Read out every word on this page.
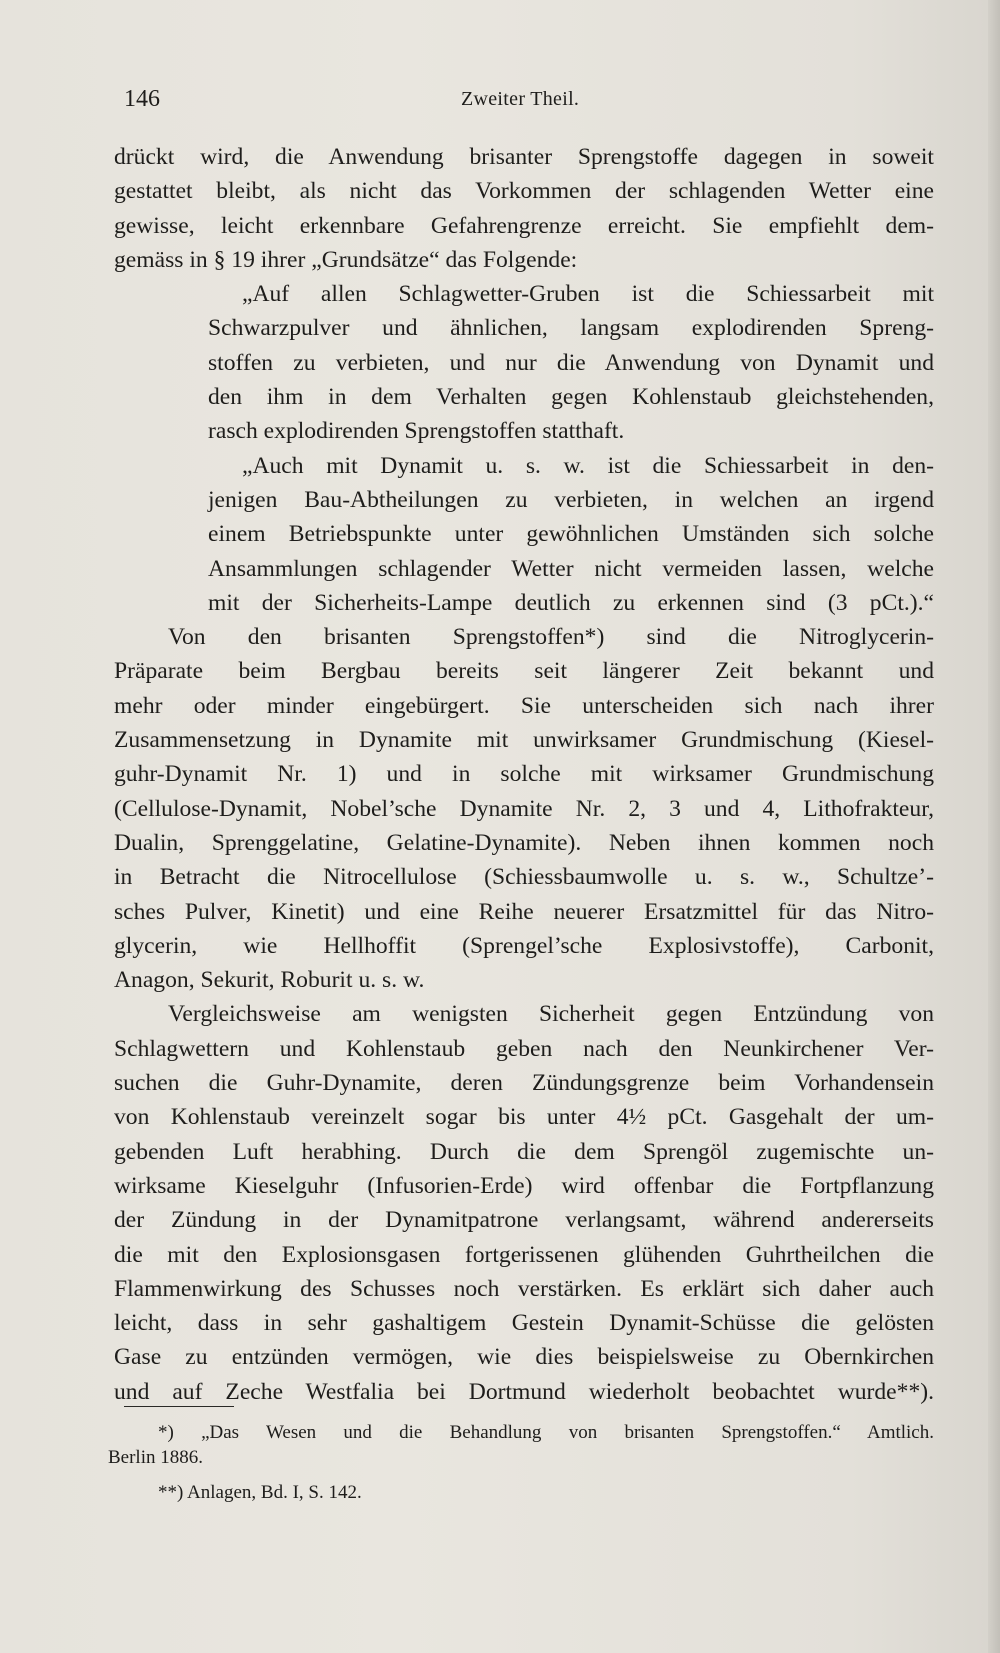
146	Zweiter Theil.
drückt wird, die Anwendung brisanter Sprengstoffe dagegen in soweit
gestattet bleibt, als nicht das Vorkommen der schlagenden Wetter eine
gewisse, leicht erkennbare Gefahrengrenze erreicht. Sie empfiehlt dem-
gemäss in § 19 ihrer „Grundsätze“ das Folgende:
„Auf allen Schlagwetter-Gruben ist die Schiessarbeit mit
Schwarzpulver und ähnlichen, langsam explodirenden Spreng-
stoffen zu verbieten, und nur die Anwendung von Dynamit und
den ihm in dem Verhalten gegen Kohlenstaub gleichstehenden,
rasch explodirenden Sprengstoffen statthaft.
„Auch mit Dynamit u. s. w. ist die Schiessarbeit in den-
jenigen Bau-Abtheilungen zu verbieten, in welchen an irgend
einem Betriebspunkte unter gewöhnlichen Umständen sich solche
Ansammlungen schlagender Wetter nicht vermeiden lassen, welche
mit der Sicherheits-Lampe deutlich zu erkennen sind (3 pCt.).“
Von den brisanten Sprengstoffen*) sind die Nitroglycerin-
Präparate beim Bergbau bereits seit längerer Zeit bekannt und
mehr oder minder eingebürgert. Sie unterscheiden sich nach ihrer
Zusammensetzung in Dynamite mit unwirksamer Grundmischung (Kiesel-
guhr-Dynamit Nr. 1) und in solche mit wirksamer Grundmischung
(Cellulose-Dynamit, Nobel’sche Dynamite Nr. 2, 3 und 4, Lithofrakteur,
Dualin, Sprenggelatine, Gelatine-Dynamite). Neben ihnen kommen noch
in Betracht die Nitrocellulose (Schiessbaumwolle u. s. w., Schultze’-
sches Pulver, Kinetit) und eine Reihe neuerer Ersatzmittel für das Nitro-
glycerin, wie Hellhoffit (Sprengel’sche Explosivstoffe), Carbonit,
Anagon, Sekurit, Roburit u. s. w.
Vergleichsweise am wenigsten Sicherheit gegen Entzündung von
Schlagwettern und Kohlenstaub geben nach den Neunkirchener Ver-
suchen die Guhr-Dynamite, deren Zündungsgrenze beim Vorhandensein
von Kohlenstaub vereinzelt sogar bis unter 4½ pCt. Gasgehalt der um-
gebenden Luft herabhing. Durch die dem Sprengöl zugemischte un-
wirksame Kieselguhr (Infusorien-Erde) wird offenbar die Fortpflanzung
der Zündung in der Dynamitpatrone verlangsamt, während andererseits
die mit den Explosionsgasen fortgerissenen glühenden Guhrtheilchen die
Flammenwirkung des Schusses noch verstärken. Es erklärt sich daher auch
leicht, dass in sehr gashaltigem Gestein Dynamit-Schüsse die gelösten
Gase zu entzünden vermögen, wie dies beispielsweise zu Obernkirchen
und auf Zeche Westfalia bei Dortmund wiederholt beobachtet wurde**).
*) „Das Wesen und die Behandlung von brisanten Sprengstoffen.“ Amtlich.
Berlin 1886.
**) Anlagen, Bd. I, S. 142.
